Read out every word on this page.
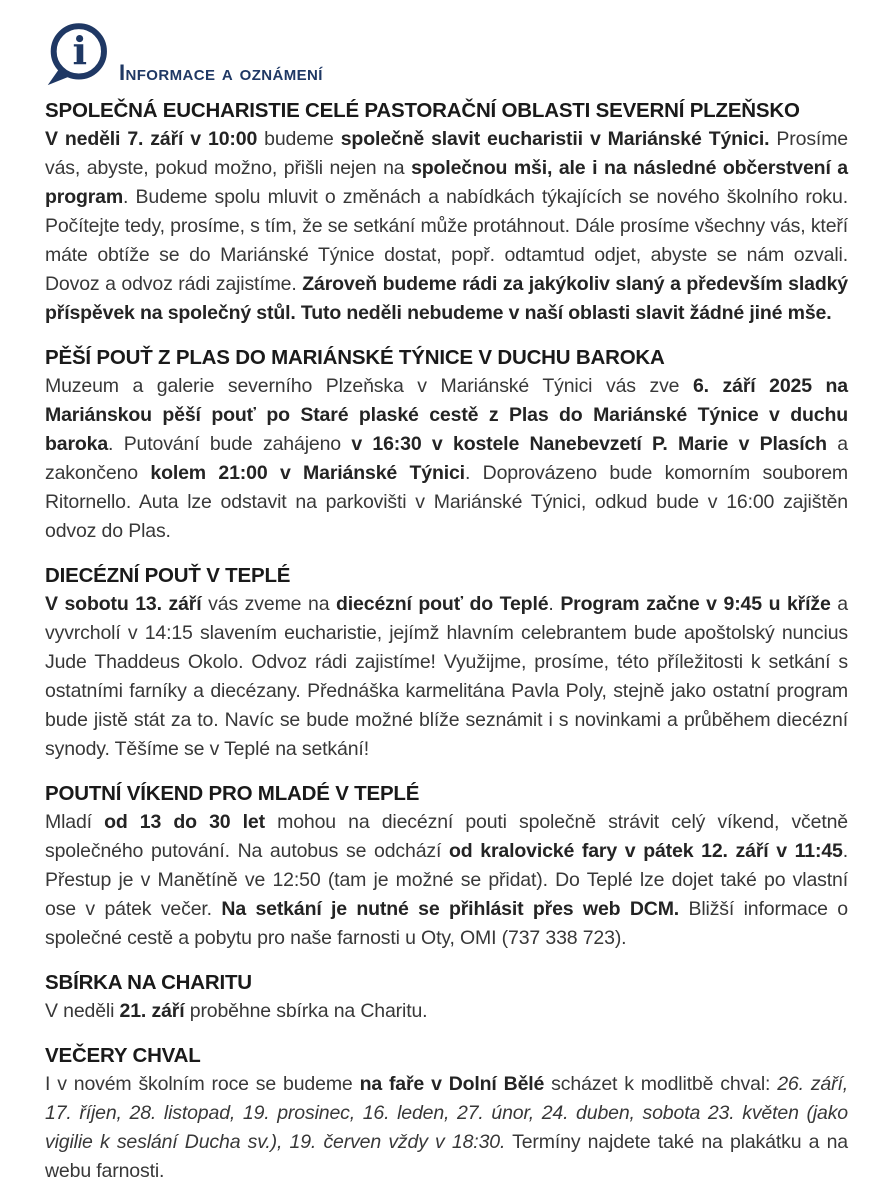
i Informace a oznámení
SPOLEČNÁ EUCHARISTIE CELÉ PASTORAČNÍ OBLASTI SEVERNÍ PLZEŇSKO

V neděli 7. září v 10:00 budeme společně slavit eucharistii v Mariánské Týnici. Prosíme vás, abyste, pokud možno, přišli nejen na společnou mši, ale i na následné občerstvení a program. Budeme spolu mluvit o změnách a nabídkách týkajících se nového školního roku. Počítejte tedy, prosíme, s tím, že se setkání může protáhnout. Dále prosíme všechny vás, kteří máte obtíže se do Mariánské Týnice dostat, popř. odtamtud odjet, abyste se nám ozvali. Dovoz a odvoz rádi zajistíme. Zároveň budeme rádi za jakýkoliv slaný a především sladký příspěvek na společný stůl. Tuto neděli nebudeme v naší oblasti slavit žádné jiné mše.

PĚŠÍ POUŤ Z PLAS DO MARIÁNSKÉ TÝNICE V DUCHU BAROKA

Muzeum a galerie severního Plzeňska v Mariánské Týnici vás zve 6. září 2025 na Mariánskou pěší pouť po Staré plaské cestě z Plas do Mariánské Týnice v duchu baroka. Putování bude zahájeno v 16:30 v kostele Nanebevzetí P. Marie v Plasích a zakončeno kolem 21:00 v Mariánské Týnici. Doprovázeno bude komorním souborem Ritornello. Auta lze odstavit na parkovišti v Mariánské Týnici, odkud bude v 16:00 zajištěn odvoz do Plas.

DIECÉZNÍ POUŤ V TEPLÉ

V sobotu 13. září vás zveme na diecézní pouť do Teplé. Program začne v 9:45 u kříže a vyvrcholí v 14:15 slavením eucharistie, jejímž hlavním celebrantem bude apoštolský nuncius Jude Thaddeus Okolo. Odvoz rádi zajistíme! Využijme, prosíme, této příležitosti k setkání s ostatními farníky a diecézany. Přednáška karmelitána Pavla Poly, stejně jako ostatní program bude jistě stát za to. Navíc se bude možné blíže seznámit i s novinkami a průběhem diecézní synody. Těšíme se v Teplé na setkání!

POUTNÍ VÍKEND PRO MLADÉ V TEPLÉ

Mladí od 13 do 30 let mohou na diecézní pouti společně strávit celý víkend, včetně společného putování. Na autobus se odchází od kralovické fary v pátek 12. září v 11:45. Přestup je v Manětíně ve 12:50 (tam je možné se přidat). Do Teplé lze dojet také po vlastní ose v pátek večer. Na setkání je nutné se přihlásit přes web DCM. Bližší informace o společné cestě a pobytu pro naše farnosti u Oty, OMI (737 338 723).

SBÍRKA NA CHARITU

V neděli 21. září proběhne sbírka na Charitu.

VEČERY CHVAL

I v novém školním roce se budeme na faře v Dolní Bělé scházet k modlitbě chval: 26. září, 17. říjen, 28. listopad, 19. prosinec, 16. leden, 27. únor, 24. duben, sobota 23. květen (jako vigilie k seslání Ducha sv.), 19. červen vždy v 18:30. Termíny najdete také na plakátku a na webu farnosti.
